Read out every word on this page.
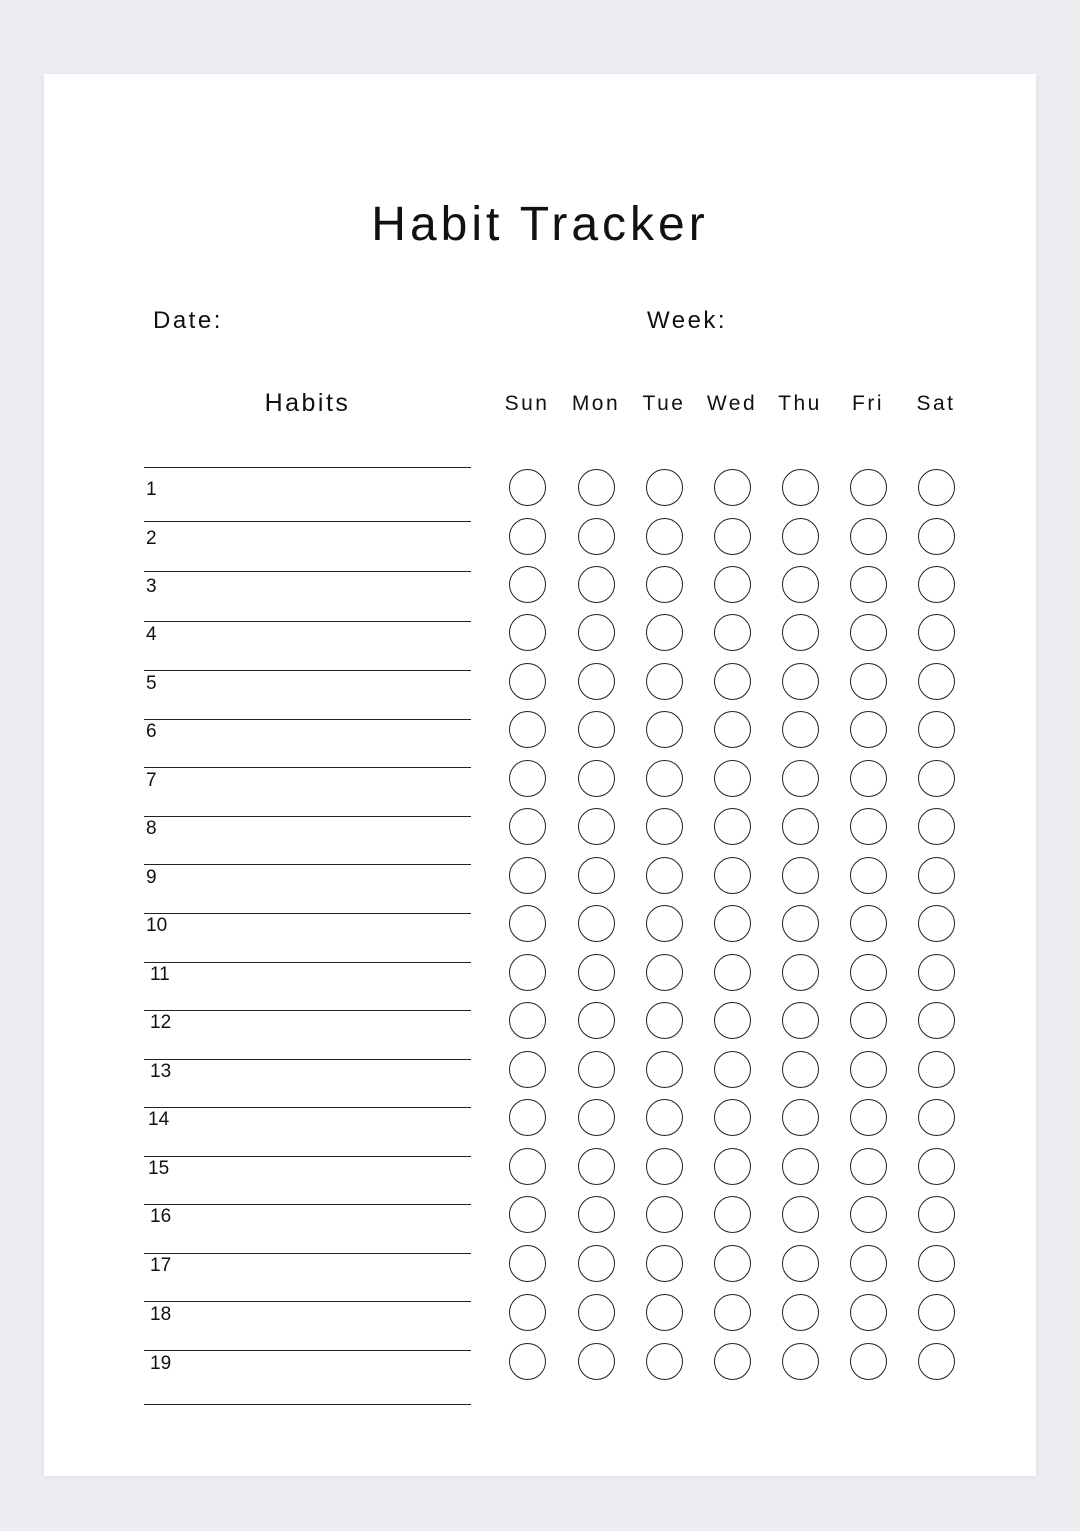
Habit Tracker
Date:	Week:
Habits	Sun	Mon	Tue	Wed	Thu	Fri	Sat
1
2
3
4
5
6
7
8
9
10
11
12
13
14
15
16
17
18
19
